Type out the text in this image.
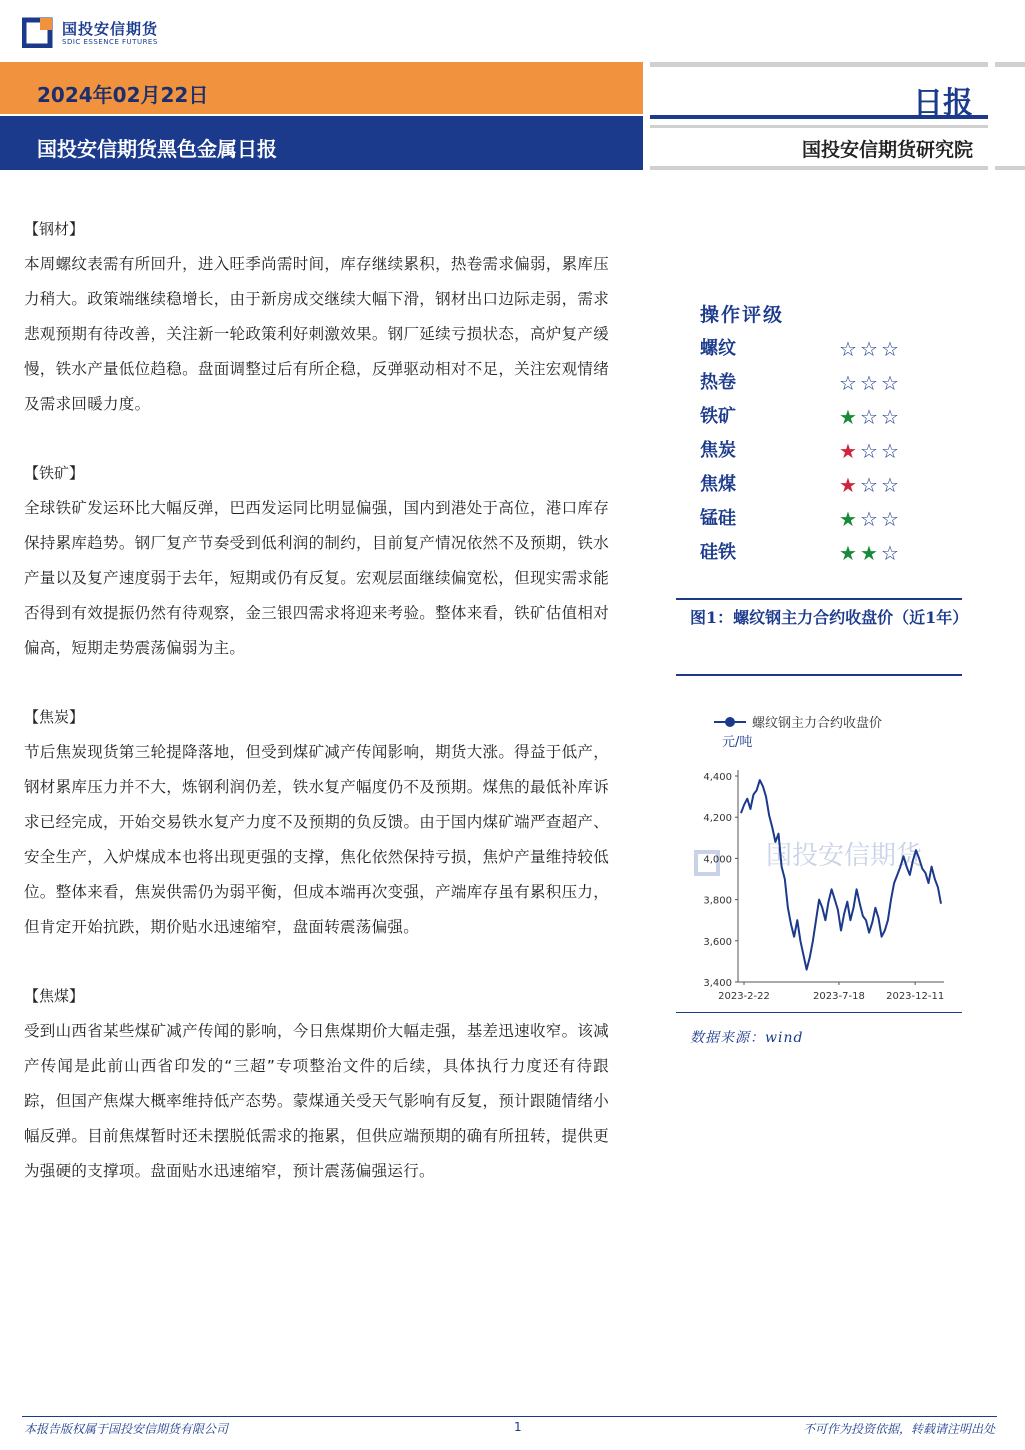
国投安信期货
SDIC ESSENCE FUTURES
2024年02月22日
国投安信期货黑色金属日报
日报
国投安信期货研究院
【钢材】
本周螺纹表需有所回升，进入旺季尚需时间，库存继续累积，热卷需求偏弱，累库压力稍大。政策端继续稳增长，由于新房成交继续大幅下滑，钢材出口边际走弱，需求悲观预期有待改善，关注新一轮政策利好刺激效果。钢厂延续亏损状态，高炉复产缓慢，铁水产量低位趋稳。盘面调整过后有所企稳，反弹驱动相对不足，关注宏观情绪及需求回暖力度。
【铁矿】
全球铁矿发运环比大幅反弹，巴西发运同比明显偏强，国内到港处于高位，港口库存保持累库趋势。钢厂复产节奏受到低利润的制约，目前复产情况依然不及预期，铁水产量以及复产速度弱于去年，短期或仍有反复。宏观层面继续偏宽松，但现实需求能否得到有效提振仍然有待观察，金三银四需求将迎来考验。整体来看，铁矿估值相对偏高，短期走势震荡偏弱为主。
【焦炭】
节后焦炭现货第三轮提降落地，但受到煤矿减产传闻影响，期货大涨。得益于低产，钢材累库压力并不大，炼钢利润仍差，铁水复产幅度仍不及预期。煤焦的最低补库诉求已经完成，开始交易铁水复产力度不及预期的负反馈。由于国内煤矿端严查超产、安全生产，入炉煤成本也将出现更强的支撑，焦化依然保持亏损，焦炉产量维持较低位。整体来看，焦炭供需仍为弱平衡，但成本端再次变强，产端库存虽有累积压力，但肯定开始抗跌，期价贴水迅速缩窄，盘面转震荡偏强。
【焦煤】
受到山西省某些煤矿减产传闻的影响，今日焦煤期价大幅走强，基差迅速收窄。该减产传闻是此前山西省印发的“三超”专项整治文件的后续，具体执行力度还有待跟踪，但国产焦煤大概率维持低产态势。蒙煤通关受天气影响有反复，预计跟随情绪小幅反弹。目前焦煤暂时还未摆脱低需求的拖累，但供应端预期的确有所扭转，提供更为强硬的支撑项。盘面贴水迅速缩窄，预计震荡偏强运行。
操作评级
螺纹	☆ ☆ ☆
热卷	☆ ☆ ☆
铁矿	★ ☆ ☆
焦炭	★ ☆ ☆
焦煤	★ ☆ ☆
锰硅	★ ☆ ☆
硅铁	★ ★ ☆
图1：螺纹钢主力合约收盘价（近1年）
国投安信期货
螺纹钢主力合约收盘价
元/吨
4,400
4,200
4,000
3,800
3,600
3,400
2023-2-22	2023-7-18 2023-12-11
数据来源：wind
本报告版权属于国投安信期货有限公司	1	不可作为投资依据，转载请注明出处
